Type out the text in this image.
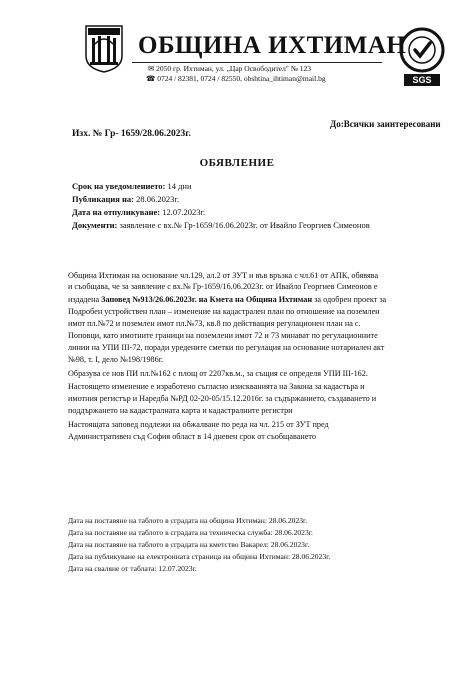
ОБЩИНА ИХТИМАН
✉ 2050 гр. Ихтиман, ул. „Цар Освободител" № 123
☎ 0724 / 82381, 0724 / 82550, obshtina_ihtiman@mail.bg	SGS
До:Всички заинтересовани
Изх. № Гр- 1659/28.06.2023г.
ОБЯВЛЕНИЕ
Срок на уведомлението: 14 дни
Публикация на: 28.06.2023г.
Дата на отпуликуване: 12.07.2023г.
Документи: заявление с вх.№ Гр-1659/16.06.2023г. от Ивайло Георгиев Симеонов
Община Ихтиман на основание чл.129, ал.2 от ЗУТ и във връзка с чл.61 от АПК, обявява
и съобщава, че за заявление с вх.№ Гр-1659/16.06.2023г. от Ивайло Георгиев Симеонов е
издадена Заповед №913/26.06.2023г. на Кмета на Община Ихтиман за одобрен проект за
Подробен устройствен план – изменение на кадастрален план по отношение на поземлен
имот пл.№72 и поземлен имот пл.№73, кв.8 по действащия регулационен план на с.
Поповци, като имотните граници на поземлени имот 72 и 73 минават по регулационните
линии на УПИ III-72, поради уредените сметки по регулация на основание нотариален акт
№98, т. I, дело №198/1986г.
Образува се нов ПИ пл.№162 с площ от 2207кв.м., за същия се определя УПИ III-162.
Настоящето изменение е изработено съгласно изискванията на Закона за кадастъра и
имотния регистър и Наредба №РД 02-20-05/15.12.2016г. за съдържанието, създаването и
поддържането на кадастралната карта и кадастралните регистри
Настоящата заповед подлежи на обжалване по реда на чл. 215 от ЗУТ пред
Административен съд София област в 14 дневен срок от съобщаването
Дата на поставяне на таблото в сградата на община Ихтиман: 28.06.2023г.
Дата на поставяне на таблото в сградата на техническа служба: 28.06.2023г.
Дата на поставяне на таблото в сградата на кметство Вакарел: 28.06.2023г.
Дата на публикуване на електронната страница на община Ихтиман: 28.06.2023г.
Дата на сваляне от таблата: 12.07.2023г.
